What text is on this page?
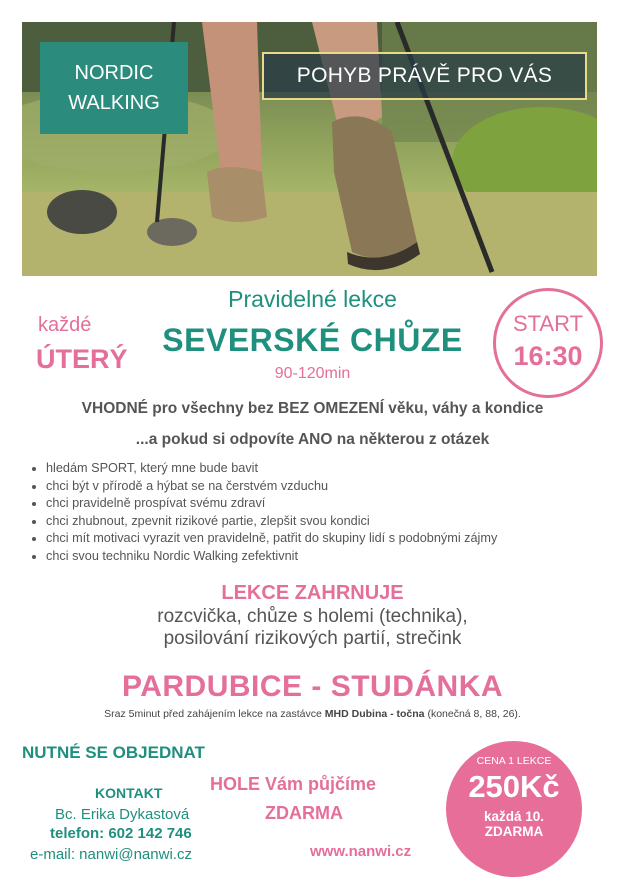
NORDIC
WALKING
POHYB PRÁVĚ PRO VÁS
každé
ÚTERÝ
Pravidelné lekce
SEVERSKÉ CHŮZE
90-120min
START
16:30
VHODNÉ pro všechny bez BEZ OMEZENÍ věku, váhy a kondice
...a pokud si odpovíte ANO na některou z otázek
• hledám SPORT, který mne bude bavit
• chci být v přírodě a hýbat se na čerstvém vzduchu
• chci pravidelně prospívat svému zdraví
• chci zhubnout, zpevnit rizikové partie, zlepšit svou kondici
• chci mít motivaci vyrazit ven pravidelně, patřit do skupiny lidí s podobnými zájmy
• chci svou techniku Nordic Walking zefektivnit
LEKCE ZAHRNUJE
rozcvička, chůze s holemi (technika),
posilování rizikových partií, strečink
PARDUBICE - STUDÁNKA
Sraz 5minut před zahájením lekce na zastávce MHD Dubina - točna (konečná 8, 88, 26).
NUTNÉ SE OBJEDNAT
KONTAKT
Bc. Erika Dykastová
telefon: 602 142 746
e-mail: nanwi@nanwi.cz
HOLE Vám půjčíme
ZDARMA
www.nanwi.cz
CENA 1 LEKCE
250Kč
každá 10.
ZDARMA
